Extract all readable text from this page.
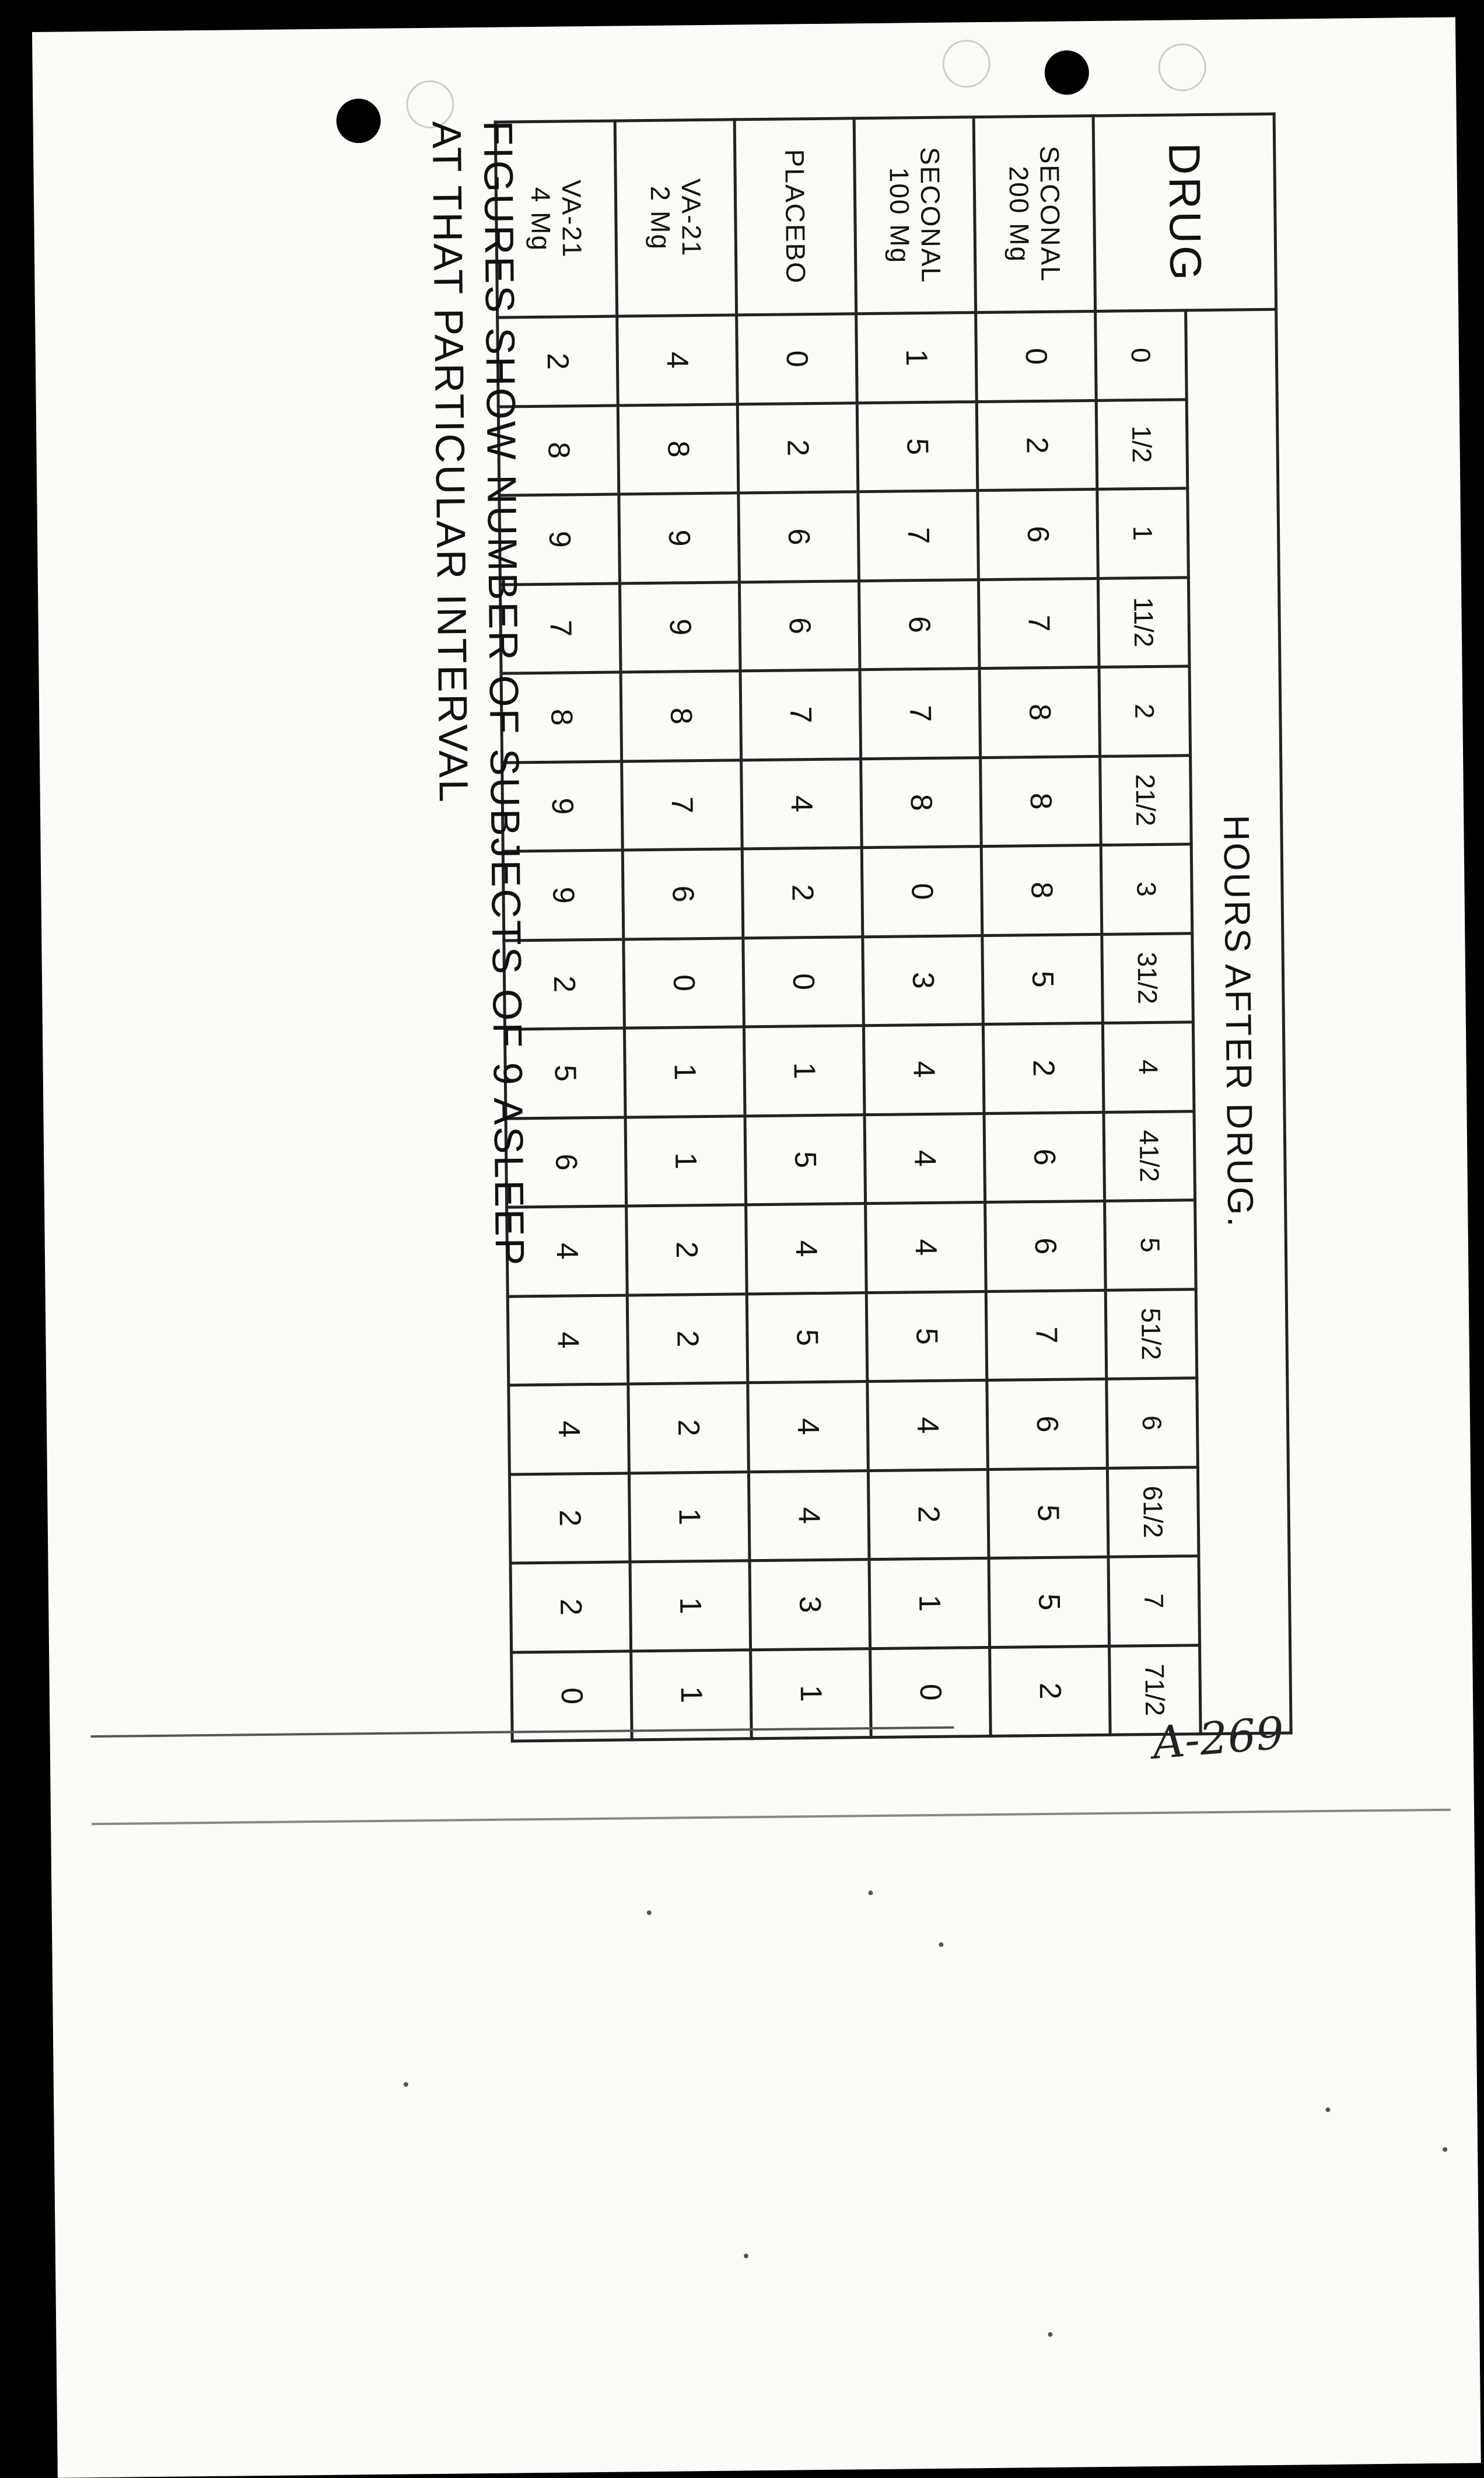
DRUG	HOURS AFTER DRUG.															
	0	1/2	1	11/2	2	21/2	3	31/2	4	41/2	5	51/2	6	61/2	7	71/2
SECONAL
200 Mg	0	2	6	7	8	8	8	5	2	6	6	7	6	5	5	2
SECONAL
100 Mg	1	5	7	6	7	8	0	3	4	4	4	5	4	2	1	0
PLACEBO	0	2	6	6	7	4	2	0	1	5	4	5	4	4	3	1
VA-21
2 Mg	4	8	9	9	8	7	6	0	1	1	2	2	2	1	1	1
VA-21
4 Mg	2	8	9	7	8	9	9	2	5	6	4	4	4	2	2	0
FIGURES SHOW NUMBER OF SUBJECTS OF 9 ASLEEP
AT THAT PARTICULAR INTERVAL
A-269
